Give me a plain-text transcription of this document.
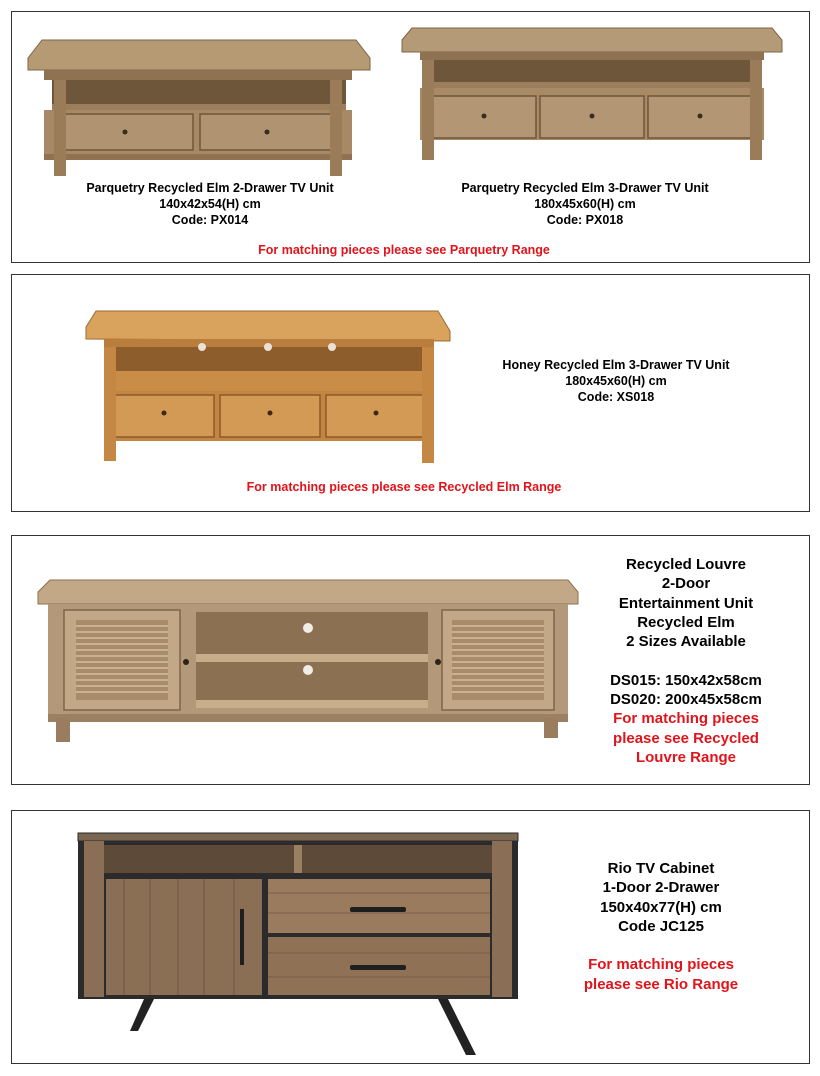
Parquetry Recycled Elm 2-Drawer TV Unit
140x42x54(H) cm
Code: PX014
Parquetry Recycled Elm 3-Drawer TV Unit
180x45x60(H) cm
Code: PX018
For matching pieces please see Parquetry Range
Honey Recycled Elm 3-Drawer TV Unit
180x45x60(H) cm
Code: XS018
For matching pieces please see Recycled Elm Range
Recycled Louvre
2-Door
Entertainment Unit
Recycled Elm
2 Sizes Available
DS015: 150x42x58cm
DS020: 200x45x58cm
For matching pieces
please see Recycled
Louvre Range
Rio TV Cabinet
1-Door 2-Drawer
150x40x77(H) cm
Code JC125
For matching pieces
please see Rio Range
